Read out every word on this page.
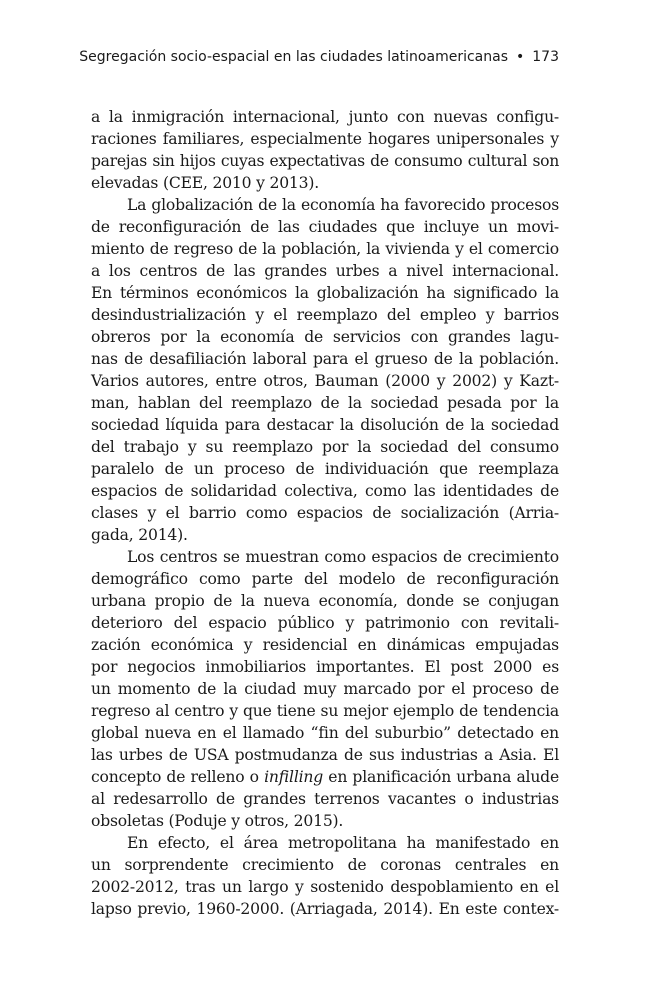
Segregación socio-espacial en las ciudades latinoamericanas • 173
a la inmigración internacional, junto con nuevas configu-
raciones familiares, especialmente hogares unipersonales y
parejas sin hijos cuyas expectativas de consumo cultural son
elevadas (CEE, 2010 y 2013).
La globalización de la economía ha favorecido procesos
de reconfiguración de las ciudades que incluye un movi-
miento de regreso de la población, la vivienda y el comercio
a los centros de las grandes urbes a nivel internacional.
En términos económicos la globalización ha significado la
desindustrialización y el reemplazo del empleo y barrios
obreros por la economía de servicios con grandes lagu-
nas de desafiliación laboral para el grueso de la población.
Varios autores, entre otros, Bauman (2000 y 2002) y Kazt-
man, hablan del reemplazo de la sociedad pesada por la
sociedad líquida para destacar la disolución de la sociedad
del trabajo y su reemplazo por la sociedad del consumo
paralelo de un proceso de individuación que reemplaza
espacios de solidaridad colectiva, como las identidades de
clases y el barrio como espacios de socialización (Arria-
gada, 2014).
Los centros se muestran como espacios de crecimiento
demográfico como parte del modelo de reconfiguración
urbana propio de la nueva economía, donde se conjugan
deterioro del espacio público y patrimonio con revitali-
zación económica y residencial en dinámicas empujadas
por negocios inmobiliarios importantes. El post 2000 es
un momento de la ciudad muy marcado por el proceso de
regreso al centro y que tiene su mejor ejemplo de tendencia
global nueva en el llamado “fin del suburbio” detectado en
las urbes de USA postmudanza de sus industrias a Asia. El
concepto de relleno o infilling en planificación urbana alude
al redesarrollo de grandes terrenos vacantes o industrias
obsoletas (Poduje y otros, 2015).
En efecto, el área metropolitana ha manifestado en
un sorprendente crecimiento de coronas centrales en
2002-2012, tras un largo y sostenido despoblamiento en el
lapso previo, 1960-2000. (Arriagada, 2014). En este contex-
